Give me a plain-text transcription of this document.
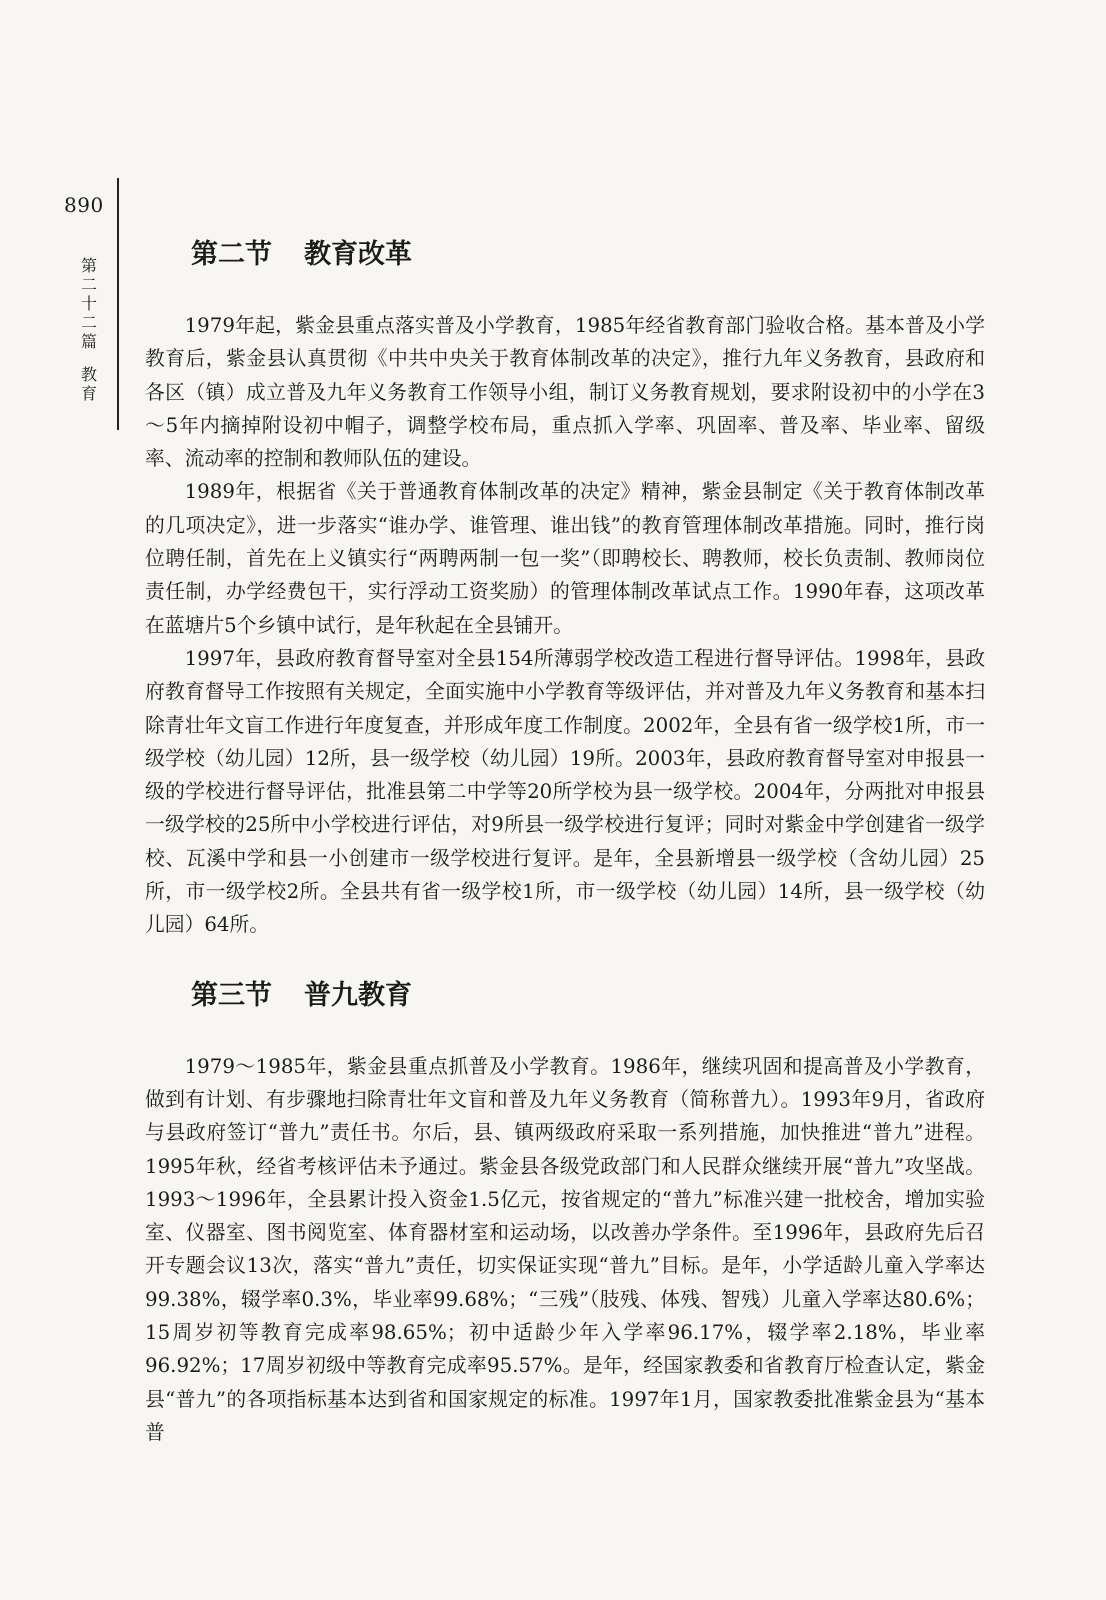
890
第二十二篇
教育
第二节 教育改革

1979年起，紫金县重点落实普及小学教育，1985年经省教育部门验收合格。基本普及小学教育后，紫金县认真贯彻《中共中央关于教育体制改革的决定》，推行九年义务教育，县政府和各区（镇）成立普及九年义务教育工作领导小组，制订义务教育规划，要求附设初中的小学在3～5年内摘掉附设初中帽子，调整学校布局，重点抓入学率、巩固率、普及率、毕业率、留级率、流动率的控制和教师队伍的建设。

1989年，根据省《关于普通教育体制改革的决定》精神，紫金县制定《关于教育体制改革的几项决定》，进一步落实“谁办学、谁管理、谁出钱”的教育管理体制改革措施。同时，推行岗位聘任制，首先在上义镇实行“两聘两制一包一奖”（即聘校长、聘教师，校长负责制、教师岗位责任制，办学经费包干，实行浮动工资奖励）的管理体制改革试点工作。1990年春，这项改革在蓝塘片5个乡镇中试行，是年秋起在全县铺开。

1997年，县政府教育督导室对全县154所薄弱学校改造工程进行督导评估。1998年，县政府教育督导工作按照有关规定，全面实施中小学教育等级评估，并对普及九年义务教育和基本扫除青壮年文盲工作进行年度复查，并形成年度工作制度。2002年，全县有省一级学校1所，市一级学校（幼儿园）12所，县一级学校（幼儿园）19所。2003年，县政府教育督导室对申报县一级的学校进行督导评估，批准县第二中学等20所学校为县一级学校。2004年，分两批对申报县一级学校的25所中小学校进行评估，对9所县一级学校进行复评；同时对紫金中学创建省一级学校、瓦溪中学和县一小创建市一级学校进行复评。是年，全县新增县一级学校（含幼儿园）25所，市一级学校2所。全县共有省一级学校1所，市一级学校（幼儿园）14所，县一级学校（幼儿园）64所。

第三节 普九教育

1979～1985年，紫金县重点抓普及小学教育。1986年，继续巩固和提高普及小学教育，做到有计划、有步骤地扫除青壮年文盲和普及九年义务教育（简称普九）。1993年9月，省政府与县政府签订“普九”责任书。尔后，县、镇两级政府采取一系列措施，加快推进“普九”进程。1995年秋，经省考核评估未予通过。紫金县各级党政部门和人民群众继续开展“普九”攻坚战。1993～1996年，全县累计投入资金1.5亿元，按省规定的“普九”标准兴建一批校舍，增加实验室、仪器室、图书阅览室、体育器材室和运动场，以改善办学条件。至1996年，县政府先后召开专题会议13次，落实“普九”责任，切实保证实现“普九”目标。是年，小学适龄儿童入学率达99.38%，辍学率0.3%，毕业率99.68%；“三残”（肢残、体残、智残）儿童入学率达80.6%；15周岁初等教育完成率98.65%；初中适龄少年入学率96.17%，辍学率2.18%，毕业率96.92%；17周岁初级中等教育完成率95.57%。是年，经国家教委和省教育厅检查认定，紫金县“普九”的各项指标基本达到省和国家规定的标准。1997年1月，国家教委批准紫金县为“基本普
